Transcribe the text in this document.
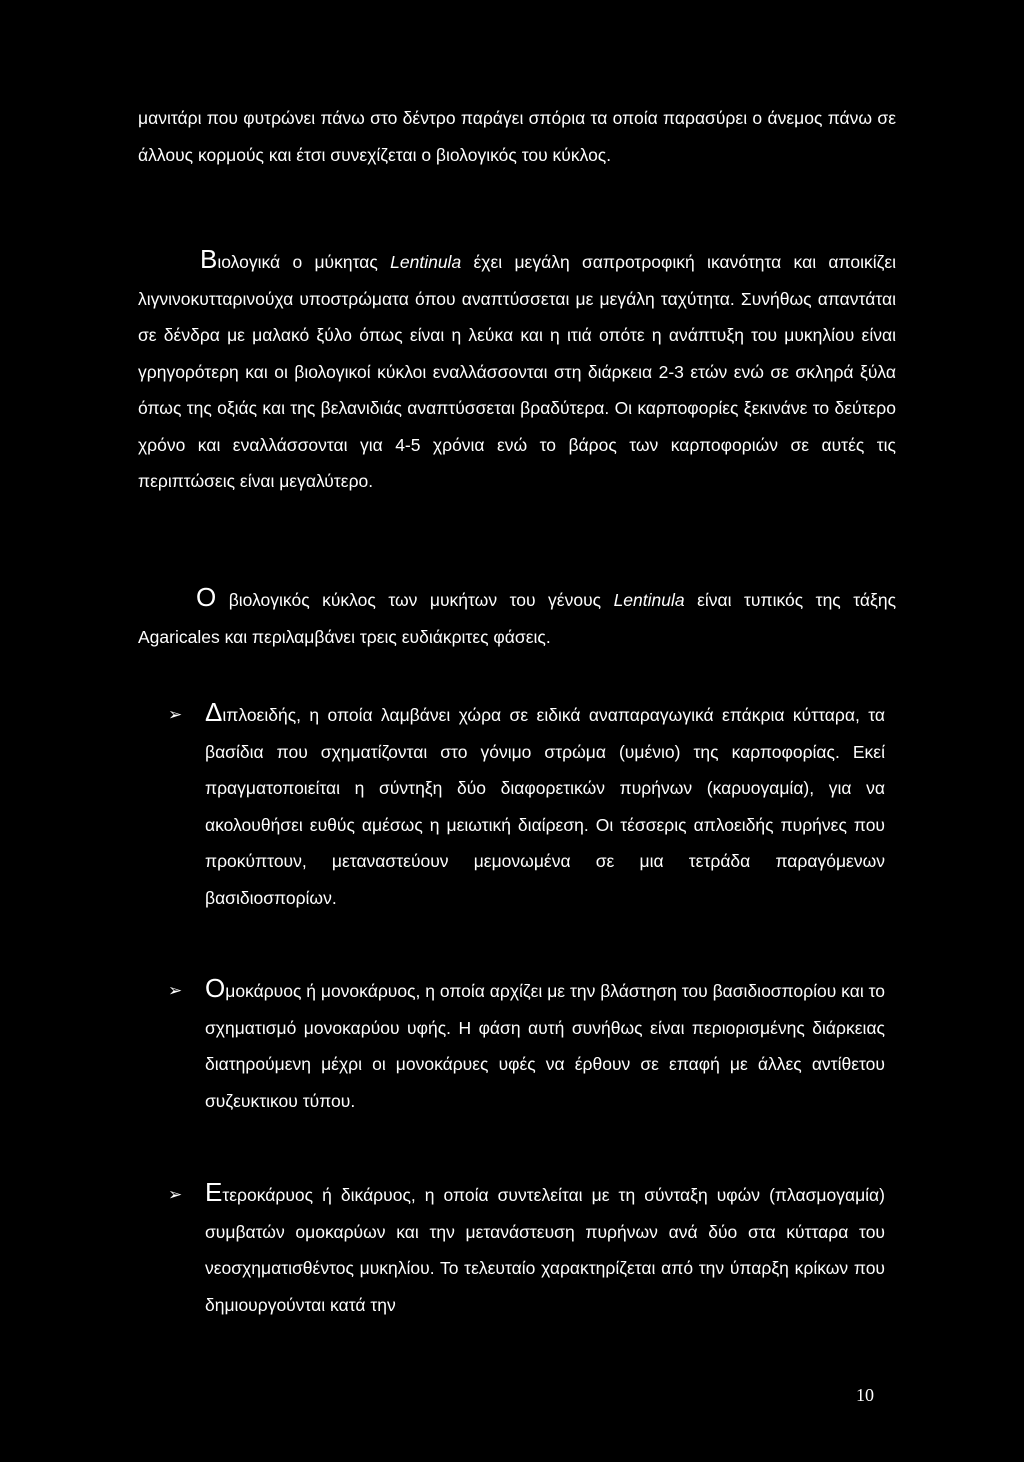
μανιτάρι που φυτρώνει πάνω στο δέντρο παράγει σπόρια τα οποία παρασύρει ο άνεμος πάνω σε άλλους κορμούς και έτσι συνεχίζεται ο βιολογικός του κύκλος.

Βιολογικά ο μύκητας Lentinula έχει μεγάλη σαπροτροφική ικανότητα και αποικίζει λιγνινοκυτταρινούχα υποστρώματα όπου αναπτύσσεται με μεγάλη ταχύτητα. Συνήθως απαντάται σε δένδρα με μαλακό ξύλο όπως είναι η λεύκα και η ιτιά οπότε η ανάπτυξη του μυκηλίου είναι γρηγορότερη και οι βιολογικοί κύκλοι εναλλάσσονται στη διάρκεια 2-3 ετών ενώ σε σκληρά ξύλα όπως της οξιάς και της βελανιδιάς αναπτύσσεται βραδύτερα. Οι καρποφορίες ξεκινάνε το δεύτερο χρόνο και εναλλάσσονται για 4-5 χρόνια ενώ το βάρος των καρποφοριών σε αυτές τις περιπτώσεις είναι μεγαλύτερο.

Ο βιολογικός κύκλος των μυκήτων του γένους Lentinula είναι τυπικός της τάξης Agaricales και περιλαμβάνει τρεις ευδιάκριτες φάσεις.

➢ Διπλοειδής, η οποία λαμβάνει χώρα σε ειδικά αναπαραγωγικά επάκρια κύτταρα, τα βασίδια που σχηματίζονται στο γόνιμο στρώμα (υμένιο) της καρποφορίας. Εκεί πραγματοποιείται η σύντηξη δύο διαφορετικών πυρήνων (καρυογαμία), για να ακολουθήσει ευθύς αμέσως η μειωτική διαίρεση. Οι τέσσερις απλοειδής πυρήνες που προκύπτουν, μεταναστεύουν μεμονωμένα σε μια τετράδα παραγόμενων βασιδιοσπορίων.

➢ Ομοκάρυος ή μονοκάρυος, η οποία αρχίζει με την βλάστηση του βασιδιοσπορίου και το σχηματισμό μονοκαρύου υφής. Η φάση αυτή συνήθως είναι περιορισμένης διάρκειας διατηρούμενη μέχρι οι μονοκάρυες υφές να έρθουν σε επαφή με άλλες αντίθετου συζευκτικου τύπου.

➢ Ετεροκάρυος ή δικάρυος, η οποία συντελείται με τη σύνταξη υφών (πλασμογαμία) συμβατών ομοκαρύων και την μετανάστευση πυρήνων ανά δύο στα κύτταρα του νεοσχηματισθέντος μυκηλίου. Το τελευταίο χαρακτηρίζεται από την ύπαρξη κρίκων που δημιουργούνται κατά την

10
